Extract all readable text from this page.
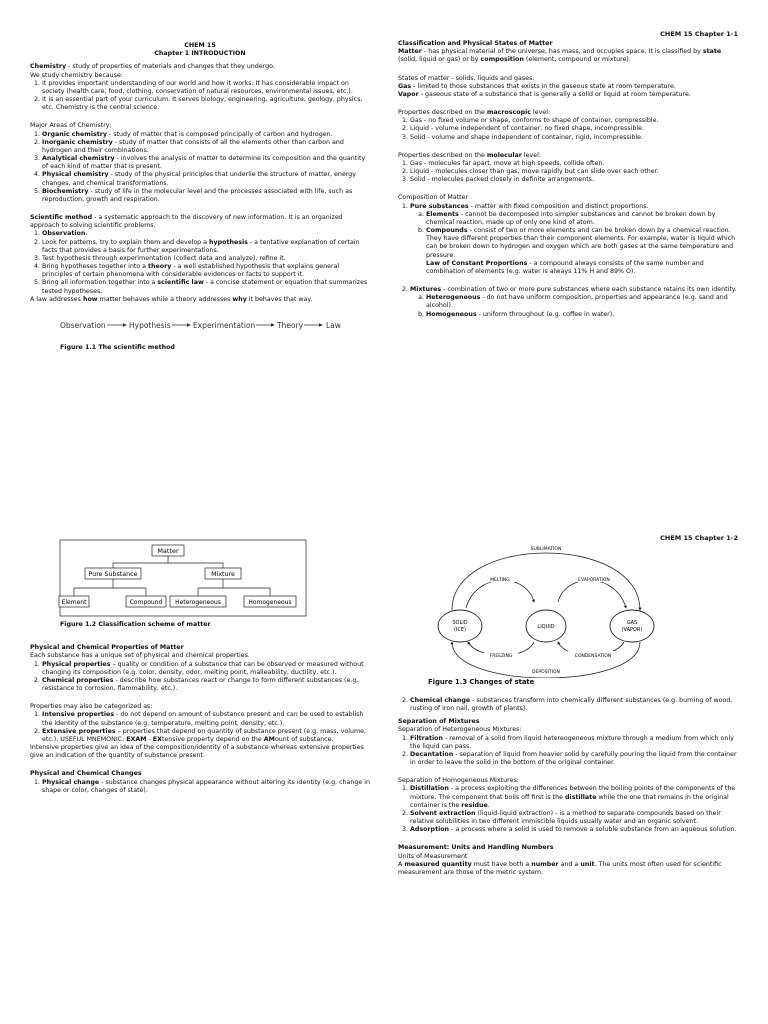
CHEM 15 Chapter 1-1

CHEM 15

Chapter 1 INTRODUCTION

Chemistry - study of properties of materials and changes that they undergo.

We study chemistry because:

1. It provides important understanding of our world and how it works. It has considerable impact on society (health care, food, clothing, conservation of natural resources, environmental issues, etc.).
2. It is an essential part of your curriculum. It serves biology, engineering, agriculture, geology, physics, etc. Chemistry is the central science.

Major Areas of Chemistry:

1. Organic chemistry - study of matter that is composed principally of carbon and hydrogen.
2. Inorganic chemistry - study of matter that consists of all the elements other than carbon and hydrogen and their combinations.
3. Analytical chemistry - involves the analysis of matter to determine its composition and the quantity of each kind of matter that is present.
4. Physical chemistry - study of the physical principles that underlie the structure of matter, energy changes, and chemical transformations.
5. Biochemistry - study of life in the molecular level and the processes associated with life, such as reproduction, growth and respiration.

Scientific method - a systematic approach to the discovery of new information. It is an organized approach to solving scientific problems.

1. Observation.
2. Look for patterns, try to explain them and develop a hypothesis - a tentative explanation of certain facts that provides a basis for further experimentations.
3. Test hypothesis through experimentation (collect data and analyze), refine it.
4. Bring hypotheses together into a theory - a well established hypothesis that explains general principles of certain phenomena with considerable evidences or facts to support it.
5. Bring all information together into a scientific law - a concise statement or equation that summarizes tested hypotheses.

A law addresses how matter behaves while a theory addresses why it behaves that way.

Observation	Hypothesis	Experimentation	Theory	Law

Figure 1.1 The scientific method

Classification and Physical States of Matter

Matter - has physical material of the universe, has mass, and occupies space. It is classified by state (solid, liquid or gas) or by composition (element, compound or mixture).

States of matter - solids, liquids and gases.

Gas - limited to those substances that exists in the gaseous state at room temperature.

Vapor - gaseous state of a substance that is generally a solid or liquid at room temperature.

Properties described on the macroscopic level:

1. Gas - no fixed volume or shape, conforms to shape of container, compressible.
2. Liquid - volume independent of container, no fixed shape, incompressible.
3. Solid - volume and shape independent of container, rigid, incompressible.

Properties described on the molecular level:

1. Gas - molecules far apart, move at high speeds, collide often.
2. Liquid - molecules closer than gas, move rapidly but can slide over each other.
3. Solid - molecules packed closely in definite arrangements.

Composition of Matter

1. Pure substances - matter with fixed composition and distinct proportions.
a. Elements - cannot be decomposed into simpler substances and cannot be broken down by chemical reaction, made up of only one kind of atom.
b. Compounds - consist of two or more elements and can be broken down by a chemical reaction. They have different properties than their component elements. For example, water is liquid which can be broken down to hydrogen and oxygen which are both gases at the same temperature and pressure.

Law of Constant Proportions - a compound always consists of the same number and combination of elements (e.g. water is always 11% H and 89% O).

2. Mixtures - combination of two or more pure substances where each substance retains its own identity.
a. Heterogeneous - do not have uniform composition, properties and appearance (e.g. sand and alcohol).
b. Homogeneous - uniform throughout (e.g. coffee in water).
CHEM 15 Chapter 1-2
Matter
Pure Substance	Mixture
Element	Compound Heterogeneous	Homogeneous

Figure 1.2 Classification scheme of matter

Physical and Chemical Properties of Matter

Each substance has a unique set of physical and chemical properties.

1. Physical properties – quality or condition of a substance that can be observed or measured without changing its composition (e.g. color, density, odor, melting point, malleability, ductility, etc.).
2. Chemical properties - describe how substances react or change to form different substances (e.g. resistance to corrosion, flammability, etc.).

Properties may also be categorized as:

1. Intensive properties - do not depend on amount of substance present and can be used to establish the identity of the substance (e.g. temperature, melting point, density, etc.).
2. Extensive properties – properties that depend on quantity of substance present (e.g. mass, volume, etc.). USEFUL MNEMONIC: EXAM - EXtensive property depend on the AMount of substance.

Intensive properties give an idea of the composition/identity of a substance whereas extensive properties give an indication of the quantity of substance present.

Physical and Chemical Changes

1. Physical change - substance changes physical appearance without altering its identity (e.g. change in shape or color, changes of state).
SUBLIMATION
MELTING	EVAPORATION
SOLID
(ICE)	LIQUID
GAS
(VAPOR)
FREEZING	CONDENSATION
DEPOSITION

Figure 1.3 Changes of state

2. Chemical change - substances transform into chemically different substances (e.g. burning of wood, rusting of iron nail, growth of plants).

Separation of Mixtures

Separation of Heterogeneous Mixtures:

1. Filtration - removal of a solid from liquid hetereogeneous mixture through a medium from which only the liquid can pass.
2. Decantation - separation of liquid from heavier solid by carefully pouring the liquid from the container in order to leave the solid in the bottom of the original container.

Separation of Homogeneous Mixtures:

1. Distillation - a process exploiting the differences between the boiling points of the components of the mixture. The component that boils off first is the distillate while the one that remains in the original container is the residue.
2. Solvent extraction (liquid-liquid extraction) - is a method to separate compounds based on their relative solubilities in two different immiscible liquids usually water and an organic solvent.
3. Adsorption - a process where a solid is used to remove a soluble substance from an aqueous solution.

Measurement: Units and Handling Numbers

Units of Measurement

A measured quantity must have both a number and a unit. The units most often used for scientific measurement are those of the metric system.
